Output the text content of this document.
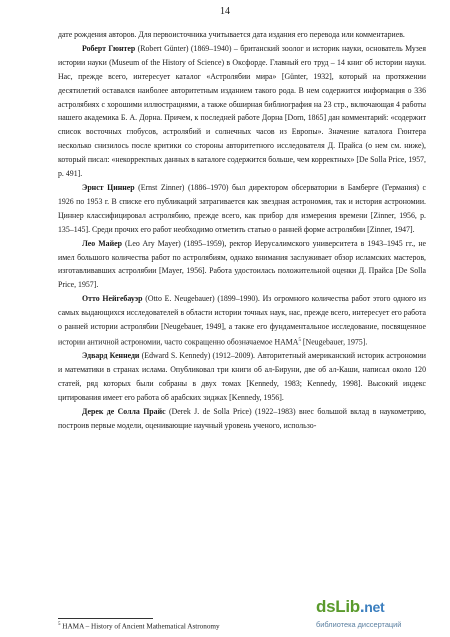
14

дате рождения авторов. Для первоисточника учитывается дата издания его перевода или комментариев.

Роберт Гюнтер (Robert Günter) (1869–1940) – британский зоолог и историк науки, основатель Музея истории науки (Museum of the History of Science) в Оксфорде. Главный его труд – 14 книг об истории науки. Нас, прежде всего, интересует каталог «Астролябии мира» [Günter, 1932], который на протяжении десятилетий оставался наиболее авторитетным изданием такого рода. В нем содержится информация о 336 астролябиях с хорошими иллюстрациями, а также обширная библиография на 23 стр., включающая 4 работы нашего академика Б. А. Дорна. Причем, к последней работе Дорна [Dorn, 1865] дан комментарий: «содержит список восточных глобусов, астролябий и солнечных часов из Европы». Значение каталога Гюнтера несколько снизилось после критики со стороны авторитетного исследователя Д. Прайса (о нем см. ниже), который писал: «некорректных данных в каталоге содержится больше, чем корректных» [De Solla Price, 1957, p. 491].

Эрнст Циннер (Ernst Zinner) (1886–1970) был директором обсерватории в Бамберге (Германия) с 1926 по 1953 г. В списке его публикаций затрагивается как звездная астрономия, так и история астрономии. Циннер классифицировал астролябию, прежде всего, как прибор для измерения времени [Zinner, 1956, p. 135–145]. Среди прочих его работ необходимо отметить статью о ранней форме астролябии [Zinner, 1947].

Лео Майер (Leo Ary Mayer) (1895–1959), ректор Иерусалимского университета в 1943–1945 гг., не имел большого количества работ по астролябиям, однако внимания заслуживает обзор исламских мастеров, изготавливавших астролябии [Mayer, 1956]. Работа удостоилась положительной оценки Д. Прайса [De Solla Price, 1957].

Отто Нейгебауэр (Otto E. Neugebauer) (1899–1990). Из огромного количества работ этого одного из самых выдающихся исследователей в области истории точных наук, нас, прежде всего, интересует его работа о ранней истории астролябии [Neugebauer, 1949], а также его фундаментальное исследование, посвященное истории античной астрономии, часто сокращенно обозначаемое HAMA$^5$ [Neugebauer, 1975].

Эдвард Кеннеди (Edward S. Kennedy) (1912–2009). Авторитетный американский историк астрономии и математики в странах ислама. Опубликовал три книги об ал-Бируни, две об ал-Каши, написал около 120 статей, ряд которых были собраны в двух томах [Kennedy, 1983; Kennedy, 1998]. Высокий индекс цитирования имеет его работа об арабских зиджах [Kennedy, 1956].

Дерек де Солла Прайс (Derek J. de Solla Price) (1922–1983) внес большой вклад в наукометрию, построив первые модели, оценивающие научный уровень ученого, использо-

$^5$ HAMA – History of Ancient Mathematical Astronomy
dsLib.net
библиотека диссертаций
